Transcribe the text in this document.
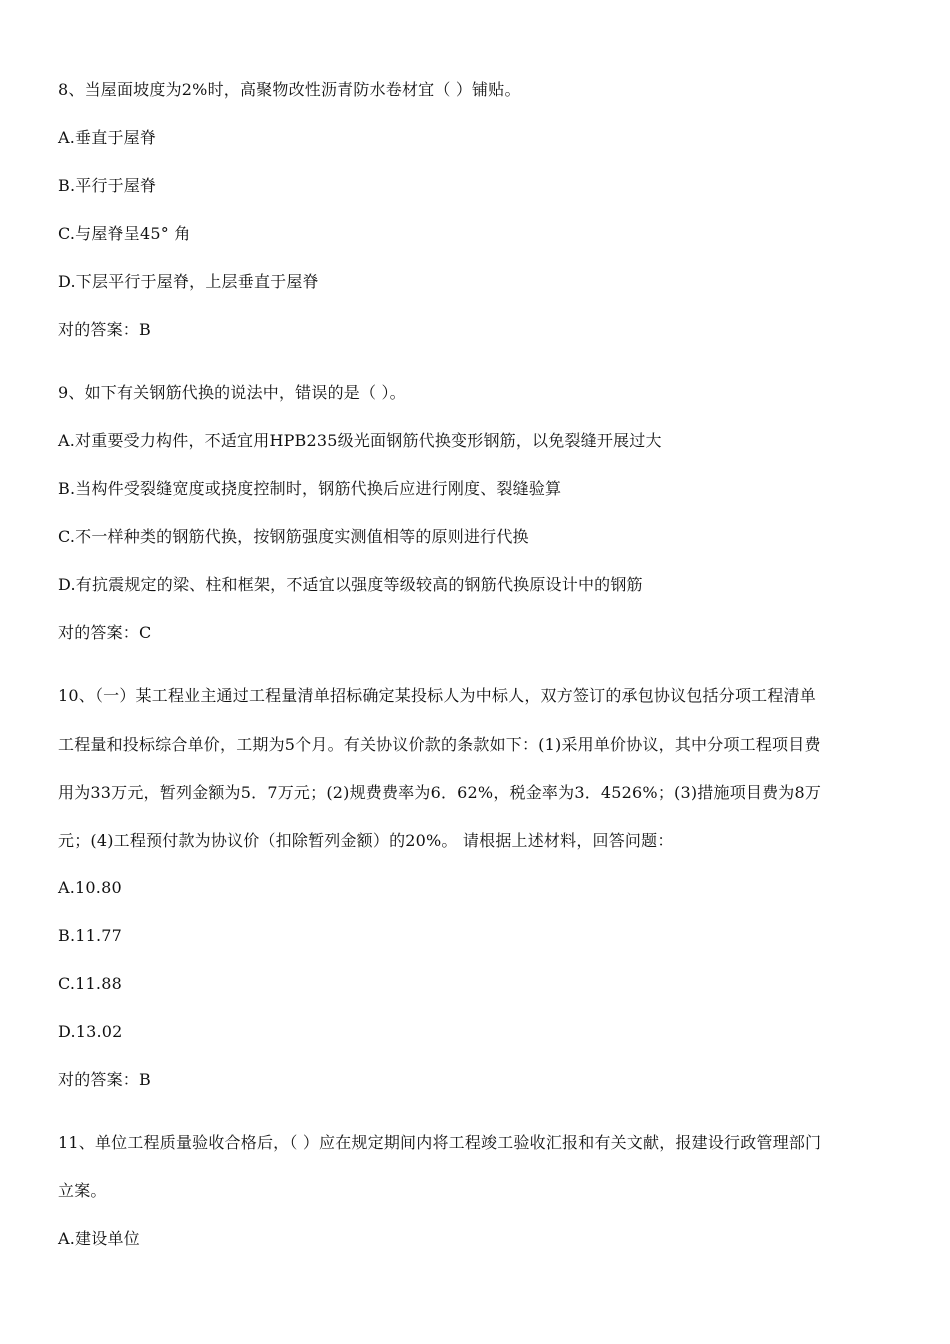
8、当屋面坡度为2%时，高聚物改性沥青防水卷材宜（ ）铺贴。
A.垂直于屋脊
B.平行于屋脊
C.与屋脊呈45° 角
D.下层平行于屋脊，上层垂直于屋脊
对的答案：B
9、如下有关钢筋代换的说法中，错误的是（ ）。
A.对重要受力构件，不适宜用HPB235级光面钢筋代换变形钢筋，以免裂缝开展过大
B.当构件受裂缝宽度或挠度控制时，钢筋代换后应进行刚度、裂缝验算
C.不一样种类的钢筋代换，按钢筋强度实测值相等的原则进行代换
D.有抗震规定的梁、柱和框架，不适宜以强度等级较高的钢筋代换原设计中的钢筋
对的答案：C
10、（一）某工程业主通过工程量清单招标确定某投标人为中标人，双方签订的承包协议包括分项工程清单
工程量和投标综合单价，工期为5个月。有关协议价款的条款如下：(1)采用单价协议，其中分项工程项目费
用为33万元，暂列金额为5．7万元；(2)规费费率为6．62%，税金率为3．4526%；(3)措施项目费为8万
元；(4)工程预付款为协议价（扣除暂列金额）的20%。 请根据上述材料，回答问题：
A.10.80
B.11.77
C.11.88
D.13.02
对的答案：B
11、单位工程质量验收合格后，（ ）应在规定期间内将工程竣工验收汇报和有关文献，报建设行政管理部门
立案。
A.建设单位
